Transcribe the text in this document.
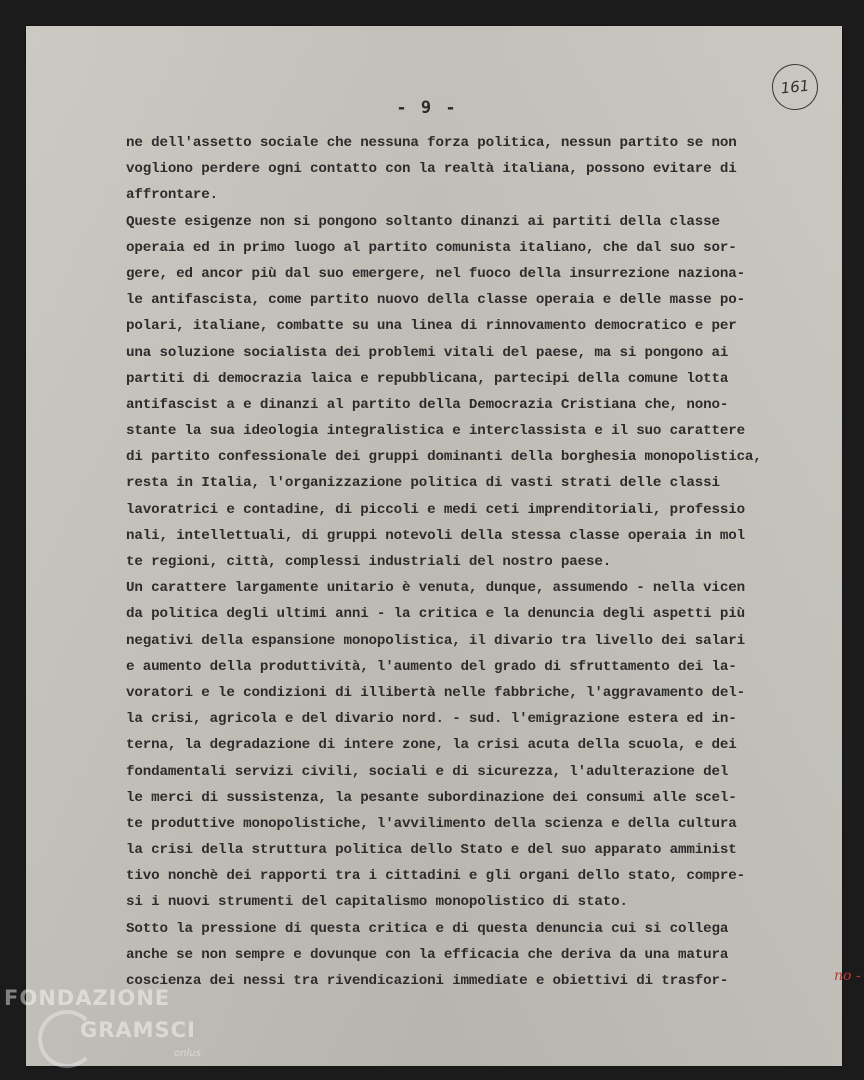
161
- 9 -
ne dell'assetto sociale che nessuna forza politica, nessun partito se non
vogliono perdere ogni contatto con la realtà italiana, possono evitare di
affrontare.
Queste esigenze non si pongono soltanto dinanzi ai partiti della classe
operaia ed in primo luogo al partito comunista italiano, che dal suo sor-
gere, ed ancor più dal suo emergere, nel fuoco della insurrezione naziona-
le antifascista, come partito nuovo della classe operaia e delle masse po-
polari, italiane, combatte su una linea di rinnovamento democratico e per
una soluzione socialista dei problemi vitali del paese, ma si pongono ai
partiti di democrazia laica e repubblicana, partecipi della comune lotta
antifascist a e dinanzi al partito della Democrazia Cristiana che, nono-
stante la sua ideologia integralistica e interclassista e il suo carattere
di partito confessionale dei gruppi dominanti della borghesia monopolistica,
resta in Italia, l'organizzazione politica di vasti strati delle classi
lavoratrici e contadine, di piccoli e medi ceti imprenditoriali, professio
nali, intellettuali, di gruppi notevoli della stessa classe operaia in mol
te regioni, città, complessi industriali del nostro paese.
Un carattere largamente unitario è venuta, dunque, assumendo - nella vicen
da politica degli ultimi anni - la critica e la denuncia degli aspetti più
negativi della espansione monopolistica, il divario tra livello dei salari
e aumento della produttività, l'aumento del grado di sfruttamento dei la-
voratori e le condizioni di illibertà nelle fabbriche, l'aggravamento del-
la crisi, agricola e del divario nord. - sud. l'emigrazione estera ed in-
terna, la degradazione di intere zone, la crisi acuta della scuola, e dei
fondamentali servizi civili, sociali e di sicurezza, l'adulterazione del
le merci di sussistenza, la pesante subordinazione dei consumi alle scel-
te produttive monopolistiche, l'avvilimento della scienza e della cultura
la crisi della struttura politica dello Stato e del suo apparato amminist
tivo nonchè dei rapporti tra i cittadini e gli organi dello stato, compre-
si i nuovi strumenti del capitalismo monopolistico di stato.
Sotto la pressione di questa critica e di questa denuncia cui si collega
anche se non sempre e dovunque con la efficacia che deriva da una matura
coscienza dei nessi tra rivendicazioni immediate e obiettivi di trasfor-	no -
FONDAZIONE
GRAMSCI
onlus
